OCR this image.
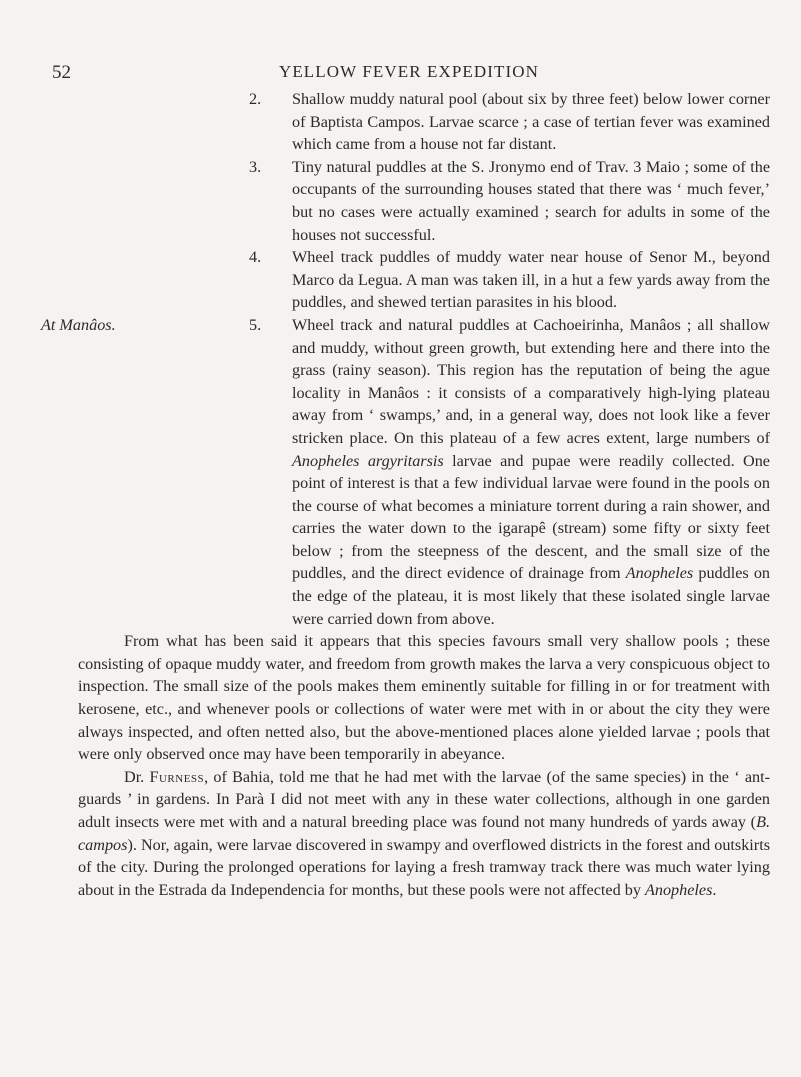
52	YELLOW FEVER EXPEDITION

2. Shallow muddy natural pool (about six by three feet) below lower corner of Baptista Campos. Larvae scarce ; a case of tertian fever was examined which came from a house not far distant.

3. Tiny natural puddles at the S. Jronymo end of Trav. 3 Maio ; some of the occupants of the surrounding houses stated that there was ‘ much fever,’ but no cases were actually examined ; search for adults in some of the houses not successful.

4. Wheel track puddles of muddy water near house of Senor M., beyond Marco da Legua. A man was taken ill, in a hut a few yards away from the puddles, and shewed tertian parasites in his blood.

At Manâos.	5. Wheel track and natural puddles at Cachoeirinha, Manâos ; all shallow and muddy, without green growth, but extending here and there into the grass (rainy season). This region has the reputation of being the ague locality in Manâos : it consists of a comparatively high-lying plateau away from ‘ swamps,’ and, in a general way, does not look like a fever stricken place. On this plateau of a few acres extent, large numbers of Anopheles argyritarsis larvae and pupae were readily collected. One point of interest is that a few individual larvae were found in the pools on the course of what becomes a miniature torrent during a rain shower, and carries the water down to the igarapê (stream) some fifty or sixty feet below ; from the steepness of the descent, and the small size of the puddles, and the direct evidence of drainage from Anopheles puddles on the edge of the plateau, it is most likely that these isolated single larvae were carried down from above.

From what has been said it appears that this species favours small very shallow pools ; these consisting of opaque muddy water, and freedom from growth makes the larva a very conspicuous object to inspection. The small size of the pools makes them eminently suitable for filling in or for treatment with kerosene, etc., and whenever pools or collections of water were met with in or about the city they were always inspected, and often netted also, but the above-mentioned places alone yielded larvae ; pools that were only observed once may have been temporarily in abeyance.

Dr. Furness, of Bahia, told me that he had met with the larvae (of the same species) in the ‘ ant-guards ’ in gardens. In Parà I did not meet with any in these water collections, although in one garden adult insects were met with and a natural breeding place was found not many hundreds of yards away (B. campos). Nor, again, were larvae discovered in swampy and overflowed districts in the forest and outskirts of the city. During the prolonged operations for laying a fresh tramway track there was much water lying about in the Estrada da Independencia for months, but these pools were not affected by Anopheles.
